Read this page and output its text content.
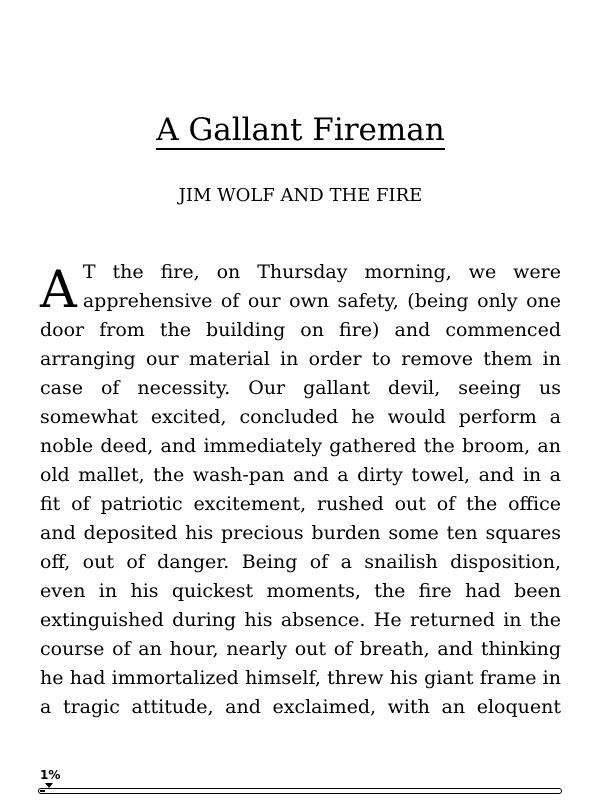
A Gallant Fireman
JIM WOLF AND THE FIRE
A T the fire, on Thursday morning, we were apprehensive of our own safety, (being only one door from the building on fire) and commenced arranging our material in order to remove them in case of necessity. Our gallant devil, seeing us somewhat excited, concluded he would perform a noble deed, and immediately gathered the broom, an old mallet, the wash-pan and a dirty towel, and in a fit of patriotic excitement, rushed out of the office and deposited his precious burden some ten squares off, out of danger. Being of a snailish disposition, even in his quickest moments, the fire had been extinguished during his absence. He returned in the course of an hour, nearly out of breath, and thinking he had immortalized himself, threw his giant frame in a tragic attitude, and exclaimed, with an eloquent
1%
